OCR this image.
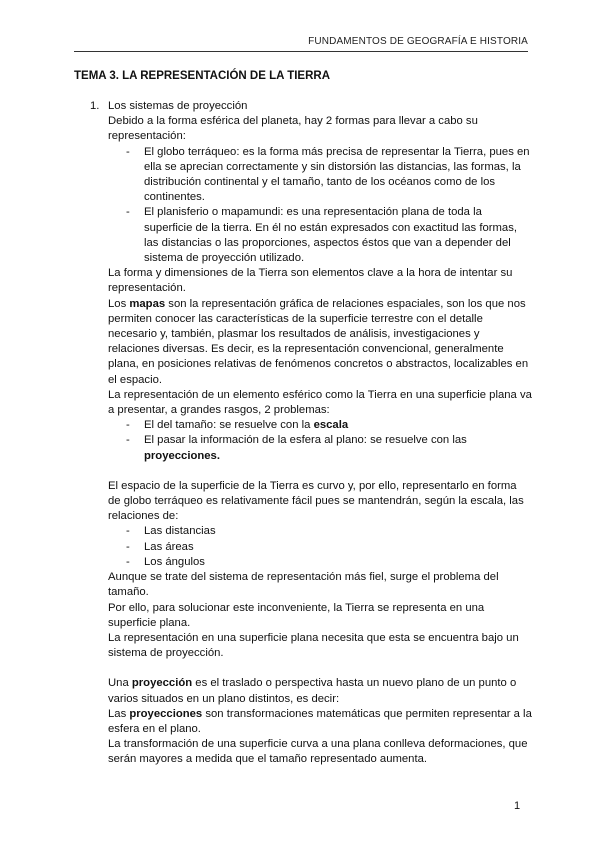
FUNDAMENTOS DE GEOGRAFÍA E HISTORIA
TEMA 3. LA REPRESENTACIÓN DE LA TIERRA
1. Los sistemas de proyección
Debido a la forma esférica del planeta, hay 2 formas para llevar a cabo su representación:
- El globo terráqueo: es la forma más precisa de representar la Tierra, pues en ella se aprecian correctamente y sin distorsión las distancias, las formas, la distribución continental y el tamaño, tanto de los océanos como de los continentes.
- El planisferio o mapamundi: es una representación plana de toda la superficie de la tierra. En él no están expresados con exactitud las formas, las distancias o las proporciones, aspectos éstos que van a depender del sistema de proyección utilizado.
La forma y dimensiones de la Tierra son elementos clave a la hora de intentar su representación.
Los mapas son la representación gráfica de relaciones espaciales, son los que nos permiten conocer las características de la superficie terrestre con el detalle necesario y, también, plasmar los resultados de análisis, investigaciones y relaciones diversas. Es decir, es la representación convencional, generalmente plana, en posiciones relativas de fenómenos concretos o abstractos, localizables en el espacio.
La representación de un elemento esférico como la Tierra en una superficie plana va a presentar, a grandes rasgos, 2 problemas:
- El del tamaño: se resuelve con la escala
- El pasar la información de la esfera al plano: se resuelve con las proyecciones.
El espacio de la superficie de la Tierra es curvo y, por ello, representarlo en forma de globo terráqueo es relativamente fácil pues se mantendrán, según la escala, las relaciones de:
- Las distancias
- Las áreas
- Los ángulos
Aunque se trate del sistema de representación más fiel, surge el problema del tamaño.
Por ello, para solucionar este inconveniente, la Tierra se representa en una superficie plana.
La representación en una superficie plana necesita que esta se encuentra bajo un sistema de proyección.
Una proyección es el traslado o perspectiva hasta un nuevo plano de un punto o varios situados en un plano distintos, es decir:
Las proyecciones son transformaciones matemáticas que permiten representar a la esfera en el plano.
La transformación de una superficie curva a una plana conlleva deformaciones, que serán mayores a medida que el tamaño representado aumenta.
1
